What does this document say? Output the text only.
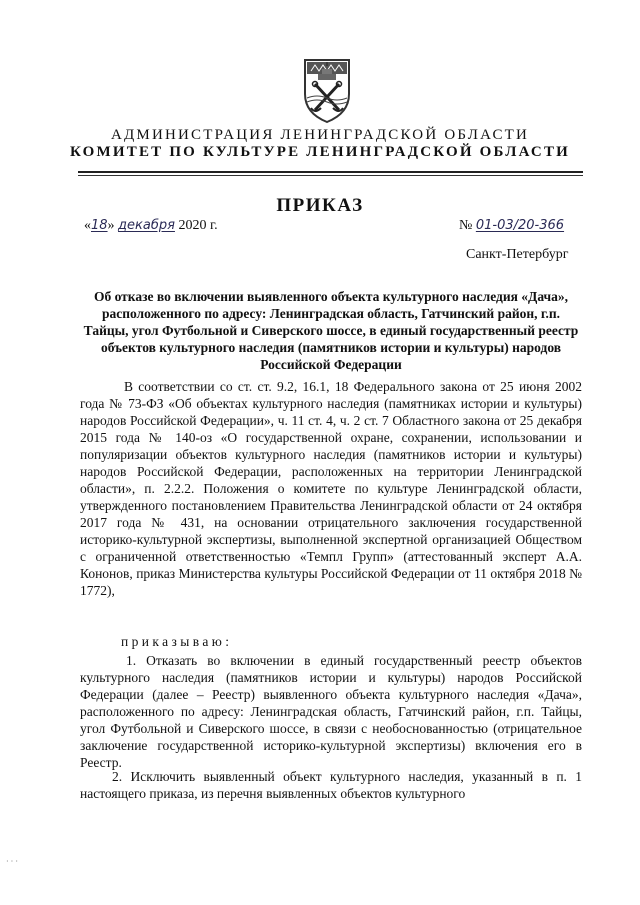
АДМИНИСТРАЦИЯ ЛЕНИНГРАДСКОЙ ОБЛАСТИ
КОМИТЕТ ПО КУЛЬТУРЕ ЛЕНИНГРАДСКОЙ ОБЛАСТИ
ПРИКАЗ
«18» декабря 2020 г.	№ 01-03/20-366
Санкт-Петербург
Об отказе во включении выявленного объекта культурного наследия «Дача», расположенного по адресу: Ленинградская область, Гатчинский район, г.п. Тайцы, угол Футбольной и Сиверского шоссе, в единый государственный реестр объектов культурного наследия (памятников истории и культуры) народов Российской Федерации
В соответствии со ст. ст. 9.2, 16.1, 18 Федерального закона от 25 июня 2002 года № 73-ФЗ «Об объектах культурного наследия (памятниках истории и культуры) народов Российской Федерации», ч. 11 ст. 4, ч. 2 ст. 7 Областного закона от 25 декабря 2015 года № 140-оз «О государственной охране, сохранении, использовании и популяризации объектов культурного наследия (памятников истории и культуры) народов Российской Федерации, расположенных на территории Ленинградской области», п. 2.2.2. Положения о комитете по культуре Ленинградской области, утвержденного постановлением Правительства Ленинградской области от 24 октября 2017 года № 431, на основании отрицательного заключения государственной историко-культурной экспертизы, выполненной экспертной организацией Обществом с ограниченной ответственностью «Темпл Групп» (аттестованный эксперт А.А. Кононов, приказ Министерства культуры Российской Федерации от 11 октября 2018 № 1772),
приказываю:
1. Отказать во включении в единый государственный реестр объектов культурного наследия (памятников истории и культуры) народов Российской Федерации (далее – Реестр) выявленного объекта культурного наследия «Дача», расположенного по адресу: Ленинградская область, Гатчинский район, г.п. Тайцы, угол Футбольной и Сиверского шоссе, в связи с необоснованностью (отрицательное заключение государственной историко-культурной экспертизы) включения его в Реестр.
2. Исключить выявленный объект культурного наследия, указанный в п. 1 настоящего приказа, из перечня выявленных объектов культурного
· · ·
